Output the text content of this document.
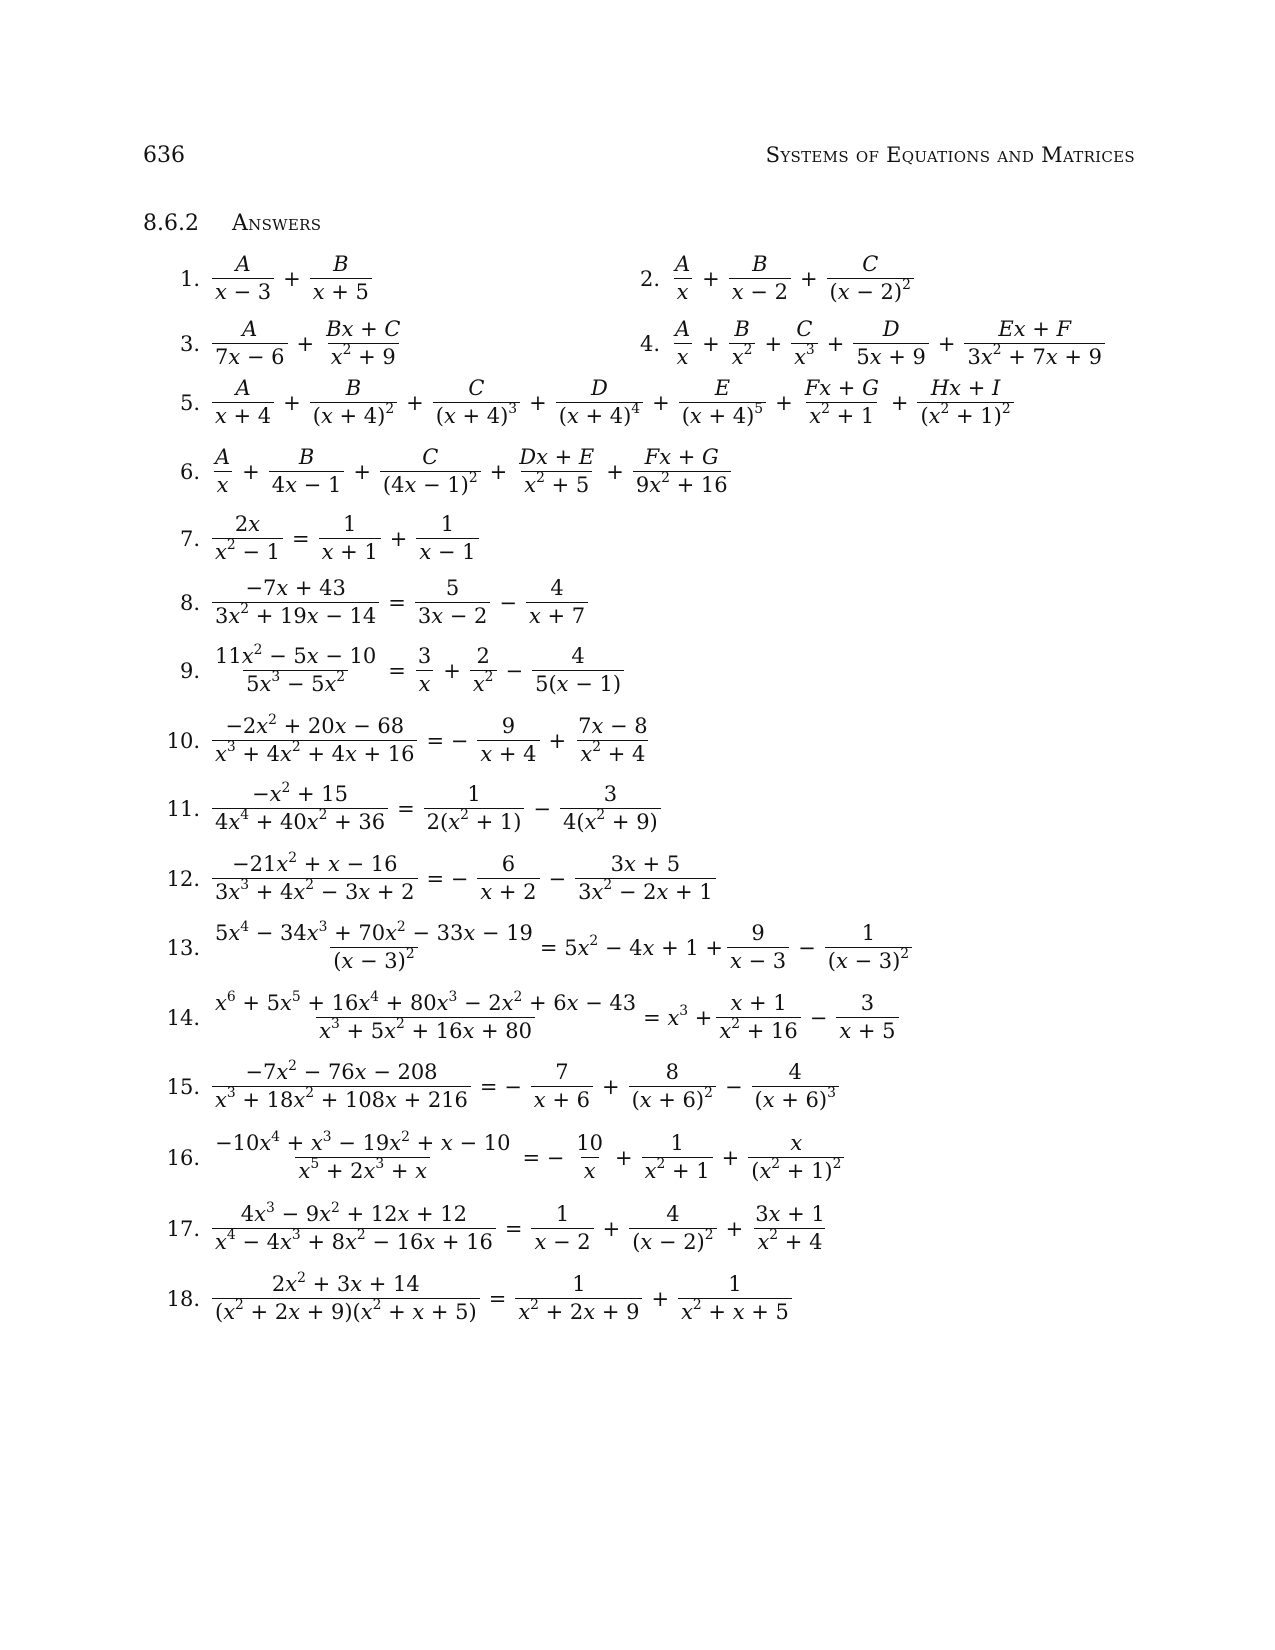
636	Systems of Equations and Matrices
8.6.2 Answers
1. $\frac{A}{x - 3} + \frac{B}{x + 5}$	2. $\frac{A}{x} + \frac{B}{x - 2} + \frac{C}{(x - 2)^2}$
3. $\frac{A}{7x - 6} + \frac{Bx + C}{x^2 + 9}$	4. $\frac{A}{x} + \frac{B}{x^2} + \frac{C}{x^3} + \frac{D}{5x + 9} + \frac{Ex + F}{3x^2 + 7x + 9}$
5. $\frac{A}{x + 4} + \frac{B}{(x + 4)^2} + \frac{C}{(x + 4)^3} + \frac{D}{(x + 4)^4} + \frac{E}{(x + 4)^5} + \frac{Fx + G}{x^2 + 1} + \frac{Hx + I}{(x^2 + 1)^2}$
6. $\frac{A}{x} + \frac{B}{4x - 1} + \frac{C}{(4x - 1)^2} + \frac{Dx + E}{x^2 + 5} + \frac{Fx + G}{9x^2 + 16}$
7. $\frac{2x}{x^2 - 1} = \frac{1}{x + 1} + \frac{1}{x - 1}$
8. $\frac{-7x + 43}{3x^2 + 19x - 14} = \frac{5}{3x - 2} - \frac{4}{x + 7}$
9. $\frac{11x^2 - 5x - 10}{5x^3 - 5x^2} = \frac{3}{x} + \frac{2}{x^2} - \frac{4}{5(x - 1)}$
10. $\frac{-2x^2 + 20x - 68}{x^3 + 4x^2 + 4x + 16}$ = − $\frac{9}{x + 4} + \frac{7x - 8}{x^2 + 4}$
11. $\frac{-x^2 + 15}{4x^4 + 40x^2 + 36} = \frac{1}{2(x^2 + 1)} - \frac{3}{4(x^2 + 9)}$
12. $\frac{-21x^2 + x - 16}{3x^3 + 4x^2 - 3x + 2}$ = − $\frac{6}{x + 2} - \frac{3x + 5}{3x^2 - 2x + 1}$
13. $\frac{5x^4 - 34x^3 + 70x^2 - 33x - 19}{(x - 3)^2} = 5x^2 - 4x + 1 + \frac{9}{x - 3} - \frac{1}{(x - 3)^2}$
14. $\frac{x^6 + 5x^5 + 16x^4 + 80x^3 - 2x^2 + 6x - 43}{x^3 + 5x^2 + 16x + 80} = x^3 + \frac{x + 1}{x^2 + 16} - \frac{3}{x + 5}$
15. $\frac{-7x^2 - 76x - 208}{x^3 + 18x^2 + 108x + 216}$ = − $\frac{7}{x + 6} + \frac{8}{(x + 6)^2} - \frac{4}{(x + 6)^3}$
16. $\frac{-10x^4 + x^3 - 19x^2 + x - 10}{x^5 + 2x^3 + x}$ = − $\frac{10}{x} + \frac{1}{x^2 + 1} + \frac{x}{(x^2 + 1)^2}$
17. $\frac{4x^3 - 9x^2 + 12x + 12}{x^4 - 4x^3 + 8x^2 - 16x + 16} = \frac{1}{x - 2} + \frac{4}{(x - 2)^2} + \frac{3x + 1}{x^2 + 4}$
18. $\frac{2x^2 + 3x + 14}{(x^2 + 2x + 9)(x^2 + x + 5)} = \frac{1}{x^2 + 2x + 9} + \frac{1}{x^2 + x + 5}$
